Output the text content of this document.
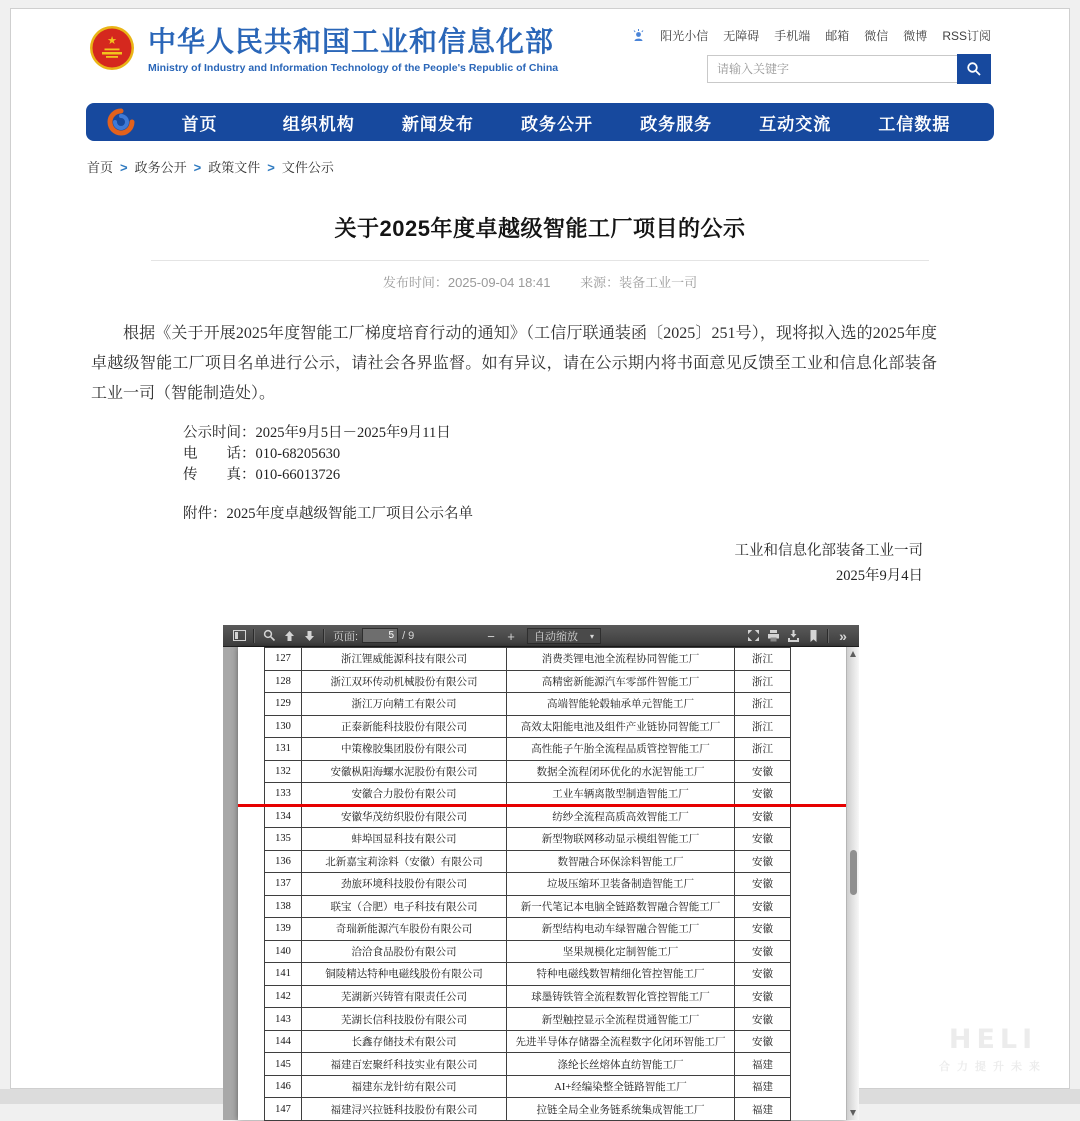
★ 中华人民共和国工业和信息化部
Ministry of Industry and Information Technology of the People's Republic of China
阳光小信 无障碍 手机端 邮箱 微信 微博 RSS订阅
请输入关键字
首页	组织机构	新闻发布	政务公开	政务服务	互动交流	工信数据
首页 > 政务公开 > 政策文件 > 文件公示
关于2025年度卓越级智能工厂项目的公示
发布时间：2025-09-04 18:41 来源：装备工业一司
根据《关于开展2025年度智能工厂梯度培育行动的通知》（工信厅联通装函〔2025〕251号），现将拟入选的2025年度卓越级智能工厂项目名单进行公示，请社会各界监督。如有异议，请在公示期内将书面意见反馈至工业和信息化部装备工业一司（智能制造处）。
公示时间：2025年9月5日－2025年9月11日
电　　话：010-68205630
传　　真：010-66013726
附件：2025年度卓越级智能工厂项目公示名单
工业和信息化部装备工业一司
2025年9月4日
页面:
5	/ 9	− +	自动缩放 ▾	»
127	浙江锂威能源科技有限公司	消费类锂电池全流程协同智能工厂	浙江
128	浙江双环传动机械股份有限公司	高精密新能源汽车零部件智能工厂	浙江
129	浙江万向精工有限公司	高端智能轮毂轴承单元智能工厂	浙江
130	正泰新能科技股份有限公司	高效太阳能电池及组件产业链协同智能工厂	浙江
131	中策橡胶集团股份有限公司	高性能子午胎全流程品质管控智能工厂	浙江
132	安徽枞阳海螺水泥股份有限公司	数据全流程闭环优化的水泥智能工厂	安徽
133	安徽合力股份有限公司	工业车辆离散型制造智能工厂	安徽
134	安徽华茂纺织股份有限公司	纺纱全流程高质高效智能工厂	安徽
135	蚌埠国显科技有限公司	新型物联网移动显示模组智能工厂	安徽
136	北新嘉宝莉涂料（安徽）有限公司	数智融合环保涂料智能工厂	安徽
137	劲旅环境科技股份有限公司	垃圾压缩环卫装备制造智能工厂	安徽
138	联宝（合肥）电子科技有限公司	新一代笔记本电脑全链路数智融合智能工厂	安徽
139	奇瑞新能源汽车股份有限公司	新型结构电动车绿智融合智能工厂	安徽
140	洽洽食品股份有限公司	坚果规模化定制智能工厂	安徽
141	铜陵精达特种电磁线股份有限公司	特种电磁线数智精细化管控智能工厂	安徽
142	芜湖新兴铸管有限责任公司	球墨铸铁管全流程数智化管控智能工厂	安徽
143	芜湖长信科技股份有限公司	新型触控显示全流程贯通智能工厂	安徽
144	长鑫存储技术有限公司	先进半导体存储器全流程数字化闭环智能工厂	安徽
145	福建百宏聚纤科技实业有限公司	涤纶长丝熔体直纺智能工厂	福建
146	福建东龙针纺有限公司	AI+经编染整全链路智能工厂	福建
147	福建浔兴拉链科技股份有限公司	拉链全局全业务链系统集成智能工厂	福建
HELI
合力提升未来
